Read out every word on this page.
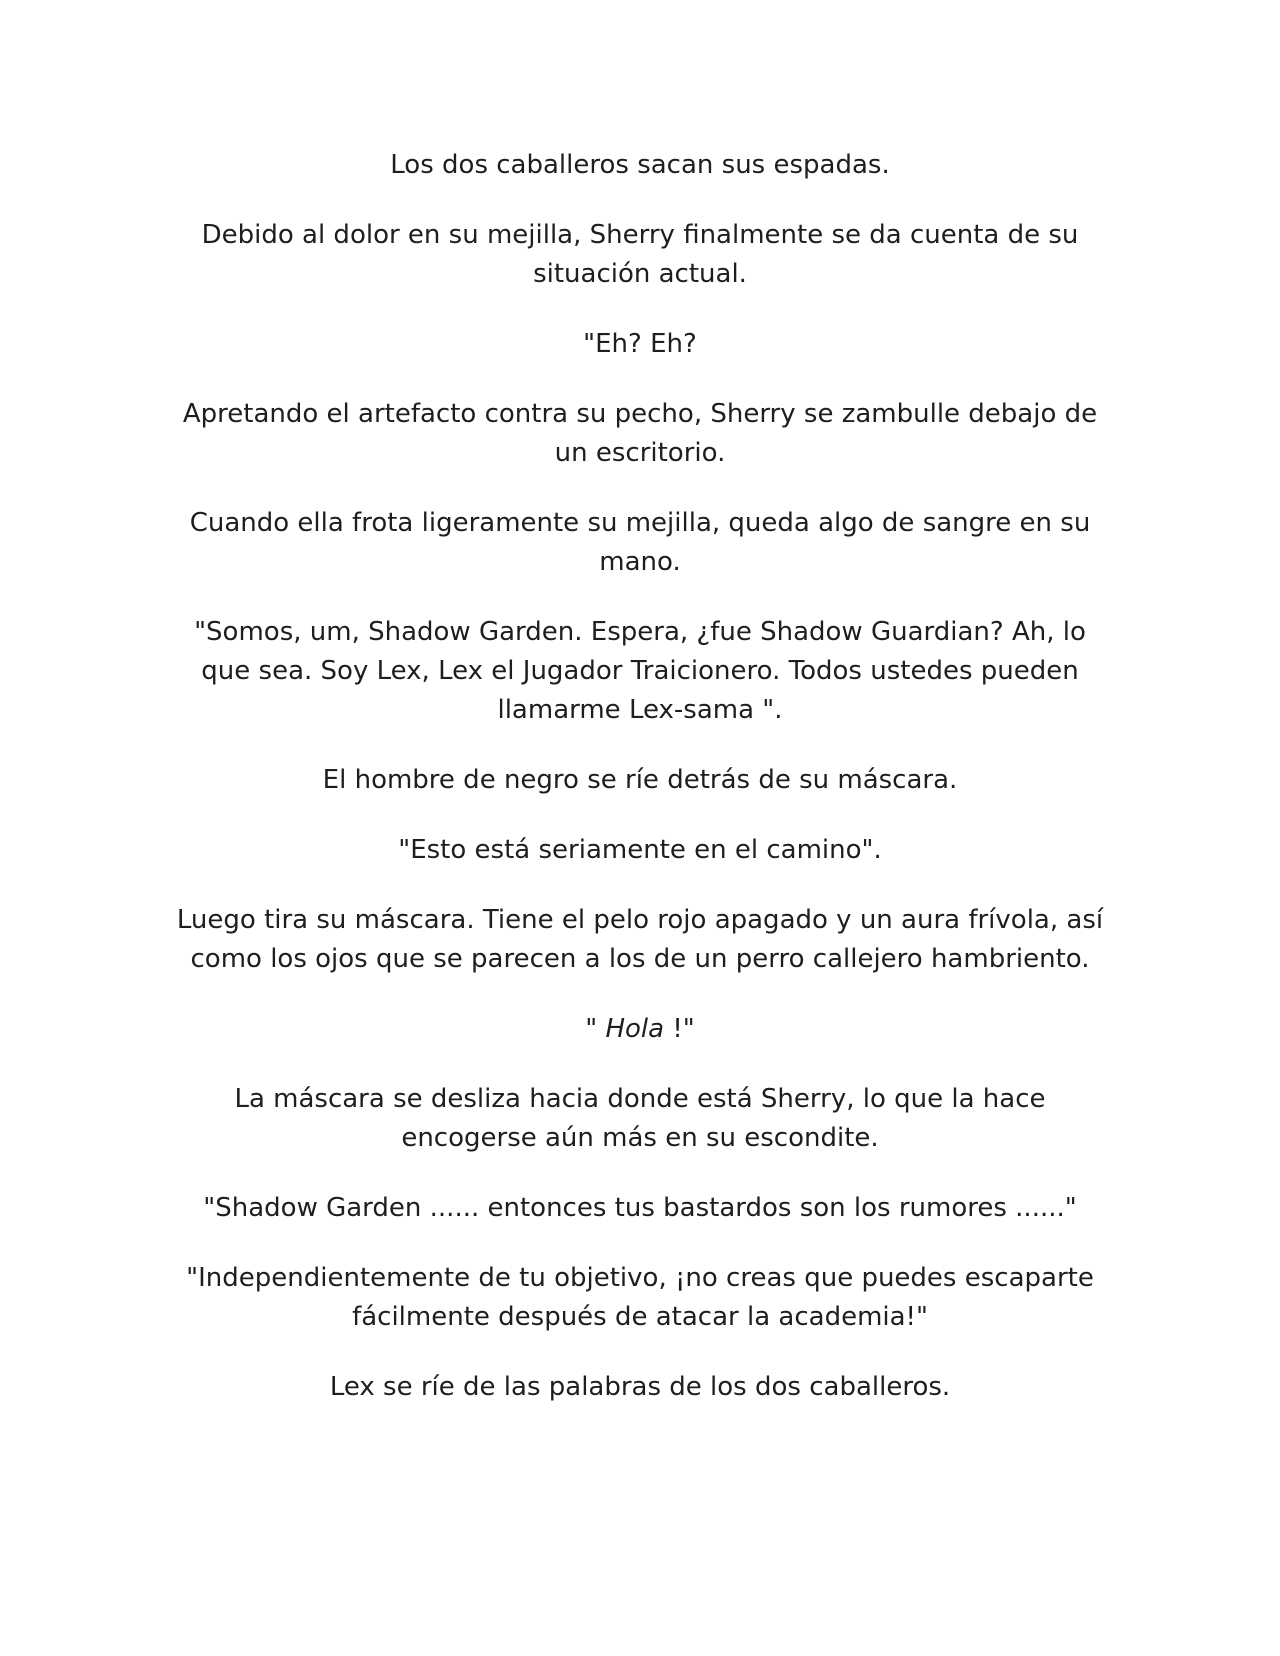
Los dos caballeros sacan sus espadas.

Debido al dolor en su mejilla, Sherry finalmente se da cuenta de su situación actual.

"Eh? Eh?

Apretando el artefacto contra su pecho, Sherry se zambulle debajo de un escritorio.

Cuando ella frota ligeramente su mejilla, queda algo de sangre en su mano.

"Somos, um, Shadow Garden. Espera, ¿fue Shadow Guardian? Ah, lo que sea. Soy Lex, Lex el Jugador Traicionero. Todos ustedes pueden llamarme Lex-sama ".

El hombre de negro se ríe detrás de su máscara.

"Esto está seriamente en el camino".

Luego tira su máscara. Tiene el pelo rojo apagado y un aura frívola, así como los ojos que se parecen a los de un perro callejero hambriento.

" Hola !"

La máscara se desliza hacia donde está Sherry, lo que la hace encogerse aún más en su escondite.

"Shadow Garden ...... entonces tus bastardos son los rumores ......"

"Independientemente de tu objetivo, ¡no creas que puedes escaparte fácilmente después de atacar la academia!"

Lex se ríe de las palabras de los dos caballeros.
